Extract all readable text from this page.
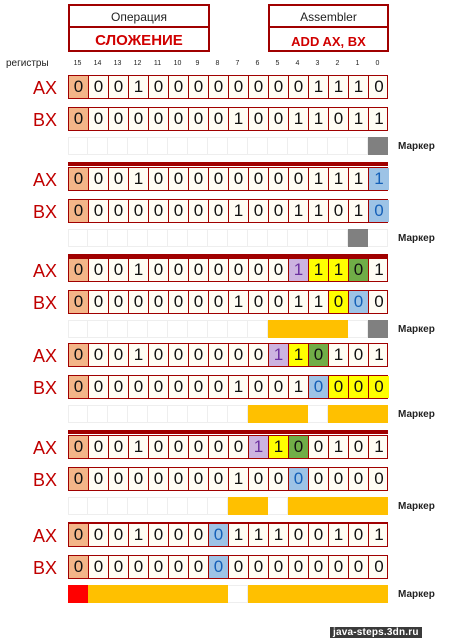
Операция
СЛОЖЕНИЕ
Assembler
ADD AX, BX
регистры	15	14	13	12	11	10	9	8	7	6	5	4	3	2	1	0
AX 0 0 0 1 0 0 0 0 0 0 0 0 1 1 1 0
BX 0 0 0 0 0 0 0 0 1 0 0 1 1 0 1 1
Маркер
AX 0 0 0 1 0 0 0 0 0 0 0 0 1 1 1 1
BX 0 0 0 0 0 0 0 0 1 0 0 1 1 0 1 0
Маркер
AX 0 0 0 1 0 0 0 0 0 0 0 1 1 1 0 1
BX 0 0 0 0 0 0 0 0 1 0 0 1 1 0 0 0
Маркер
AX 0 0 0 1 0 0 0 0 0 0 1 1 0 1 0 1
BX 0 0 0 0 0 0 0 0 1 0 0 1 0 0 0 0
Маркер
AX 0 0 0 1 0 0 0 0 0 1 1 0 0 1 0 1
BX 0 0 0 0 0 0 0 0 1 0 0 0 0 0 0 0
Маркер
AX 0 0 0 1 0 0 0 0 1 1 1 0 0 1 0 1
BX 0 0 0 0 0 0 0 0 0 0 0 0 0 0 0 0
Маркер
java-steps.3dn.ru
